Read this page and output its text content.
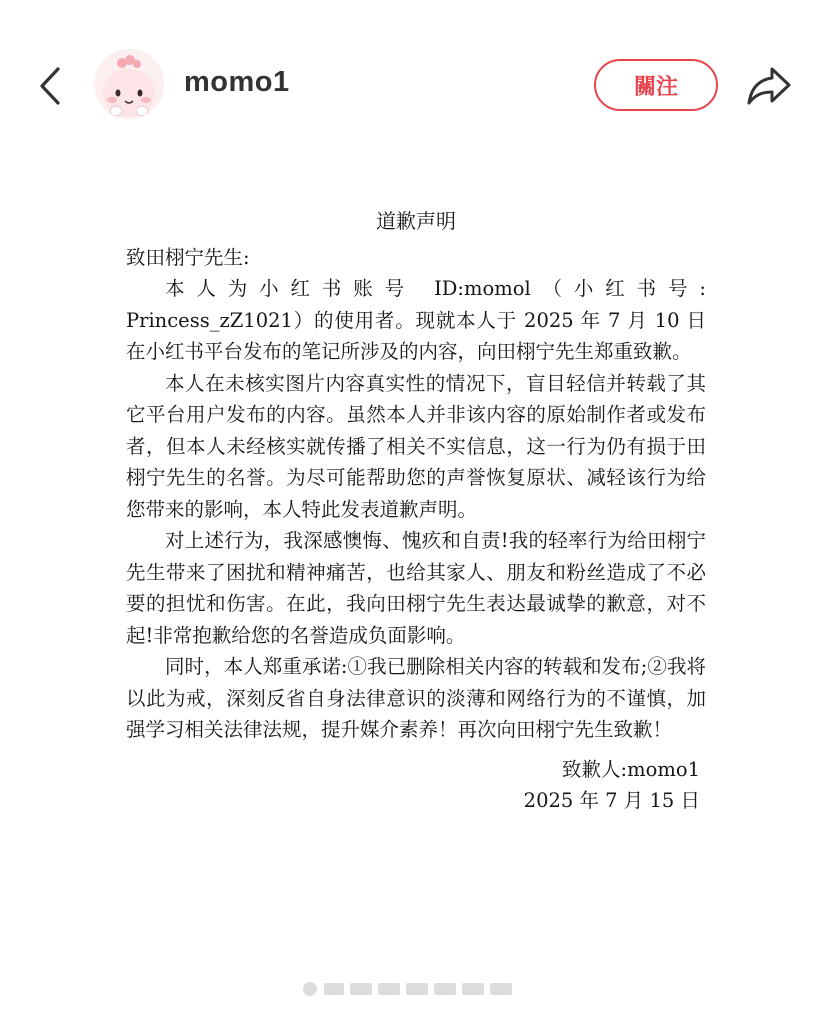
momo1	關注
道歉声明

致田栩宁先生:

本人为小红书账号 ID:momol（小红书号: Princess_zZ1021）的使用者。现就本人于 2025 年 7 月 10 日在小红书平台发布的笔记所涉及的内容，向田栩宁先生郑重致歉。

本人在未核实图片内容真实性的情况下，盲目轻信并转载了其它平台用户发布的内容。虽然本人并非该内容的原始制作者或发布者，但本人未经核实就传播了相关不实信息，这一行为仍有损于田栩宁先生的名誉。为尽可能帮助您的声誉恢复原状、减轻该行为给您带来的影响，本人特此发表道歉声明。

对上述行为，我深感懊悔、愧疚和自责!我的轻率行为给田栩宁先生带来了困扰和精神痛苦，也给其家人、朋友和粉丝造成了不必要的担忧和伤害。在此，我向田栩宁先生表达最诚挚的歉意，对不起!非常抱歉给您的名誉造成负面影响。

同时，本人郑重承诺:①我已删除相关内容的转载和发布;②我将以此为戒，深刻反省自身法律意识的淡薄和网络行为的不谨慎，加强学习相关法律法规，提升媒介素养！再次向田栩宁先生致歉！

致歉人:momo1
2025 年 7 月 15 日
